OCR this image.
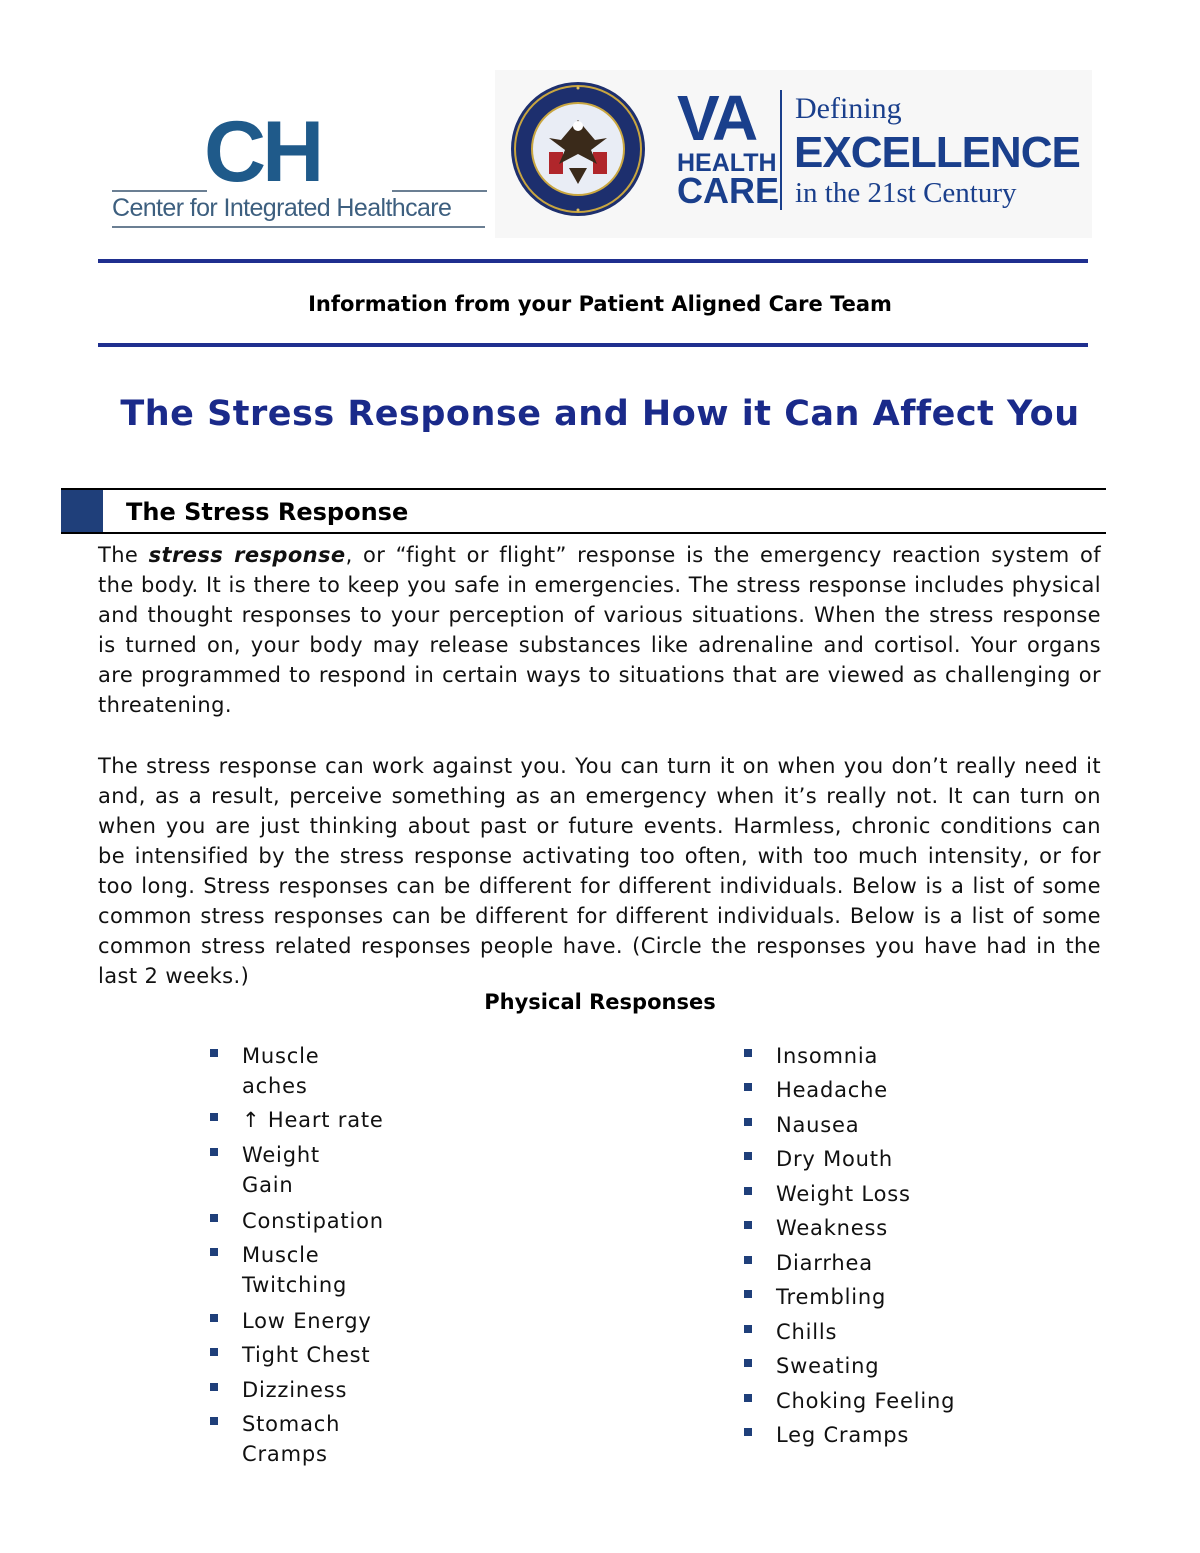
CH
Center for Integrated Healthcare
VA
HEALTH
CARE
Defining
EXCELLENCE
in the 21st Century
Information from your Patient Aligned Care Team
The Stress Response and How it Can Affect You
The Stress Response
The stress response, or “fight or flight” response is the emergency reaction system of the body. It is there to keep you safe in emergencies. The stress response includes physical and thought responses to your perception of various situations. When the stress response is turned on, your body may release substances like adrenaline and cortisol. Your organs are programmed to respond in certain ways to situations that are viewed as challenging or threatening.
The stress response can work against you. You can turn it on when you don’t really need it and, as a result, perceive something as an emergency when it’s really not. It can turn on when you are just thinking about past or future events. Harmless, chronic conditions can be intensified by the stress response activating too often, with too much intensity, or for too long. Stress responses can be different for different individuals. Below is a list of some common stress responses can be different for different individuals. Below is a list of some common stress related responses people have. (Circle the responses you have had in the last 2 weeks.)
Physical Responses
Muscle aches
↑ Heart rate
Weight Gain
Constipation
Muscle Twitching
Low Energy
Tight Chest
Dizziness
Stomach Cramps
Insomnia
Headache
Nausea
Dry Mouth
Weight Loss
Weakness
Diarrhea
Trembling
Chills
Sweating
Choking Feeling
Leg Cramps
